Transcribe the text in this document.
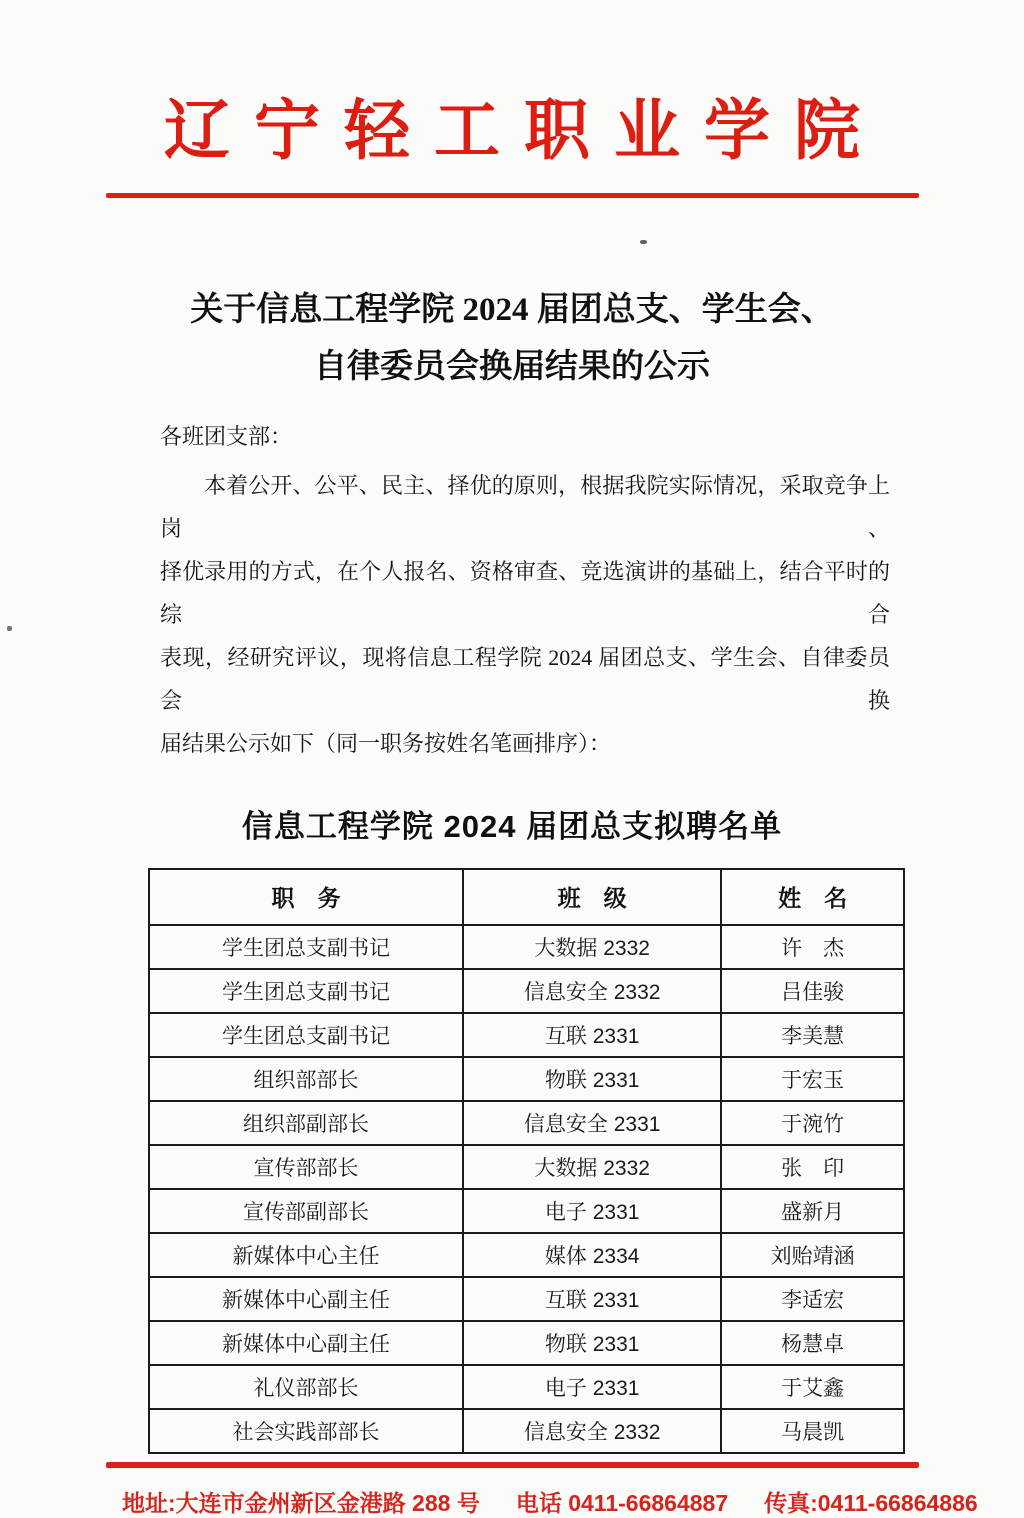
辽宁轻工职业学院
关于信息工程学院 2024 届团总支、学生会、
自律委员会换届结果的公示

各班团支部：

本着公开、公平、民主、择优的原则，根据我院实际情况，采取竞争上岗、
择优录用的方式，在个人报名、资格审查、竞选演讲的基础上，结合平时的综合
表现，经研究评议，现将信息工程学院 2024 届团总支、学生会、自律委员会换
届结果公示如下（同一职务按姓名笔画排序）：
信息工程学院 2024 届团总支拟聘名单
职　务	班　级	姓　名
学生团总支副书记	大数据 2332	许　杰
学生团总支副书记	信息安全 2332	吕佳骏
学生团总支副书记	互联 2331	李美慧
组织部部长	物联 2331	于宏玉
组织部副部长	信息安全 2331	于涴竹
宣传部部长	大数据 2332	张　印
宣传部副部长	电子 2331	盛新月
新媒体中心主任	媒体 2334	刘贻靖涵
新媒体中心副主任	互联 2331	李适宏
新媒体中心副主任	物联 2331	杨慧卓
礼仪部部长	电子 2331	于艾鑫
社会实践部部长	信息安全 2332	马晨凯
地址:大连市金州新区金港路 288 号 电话 0411-66864887 传真:0411-66864886
